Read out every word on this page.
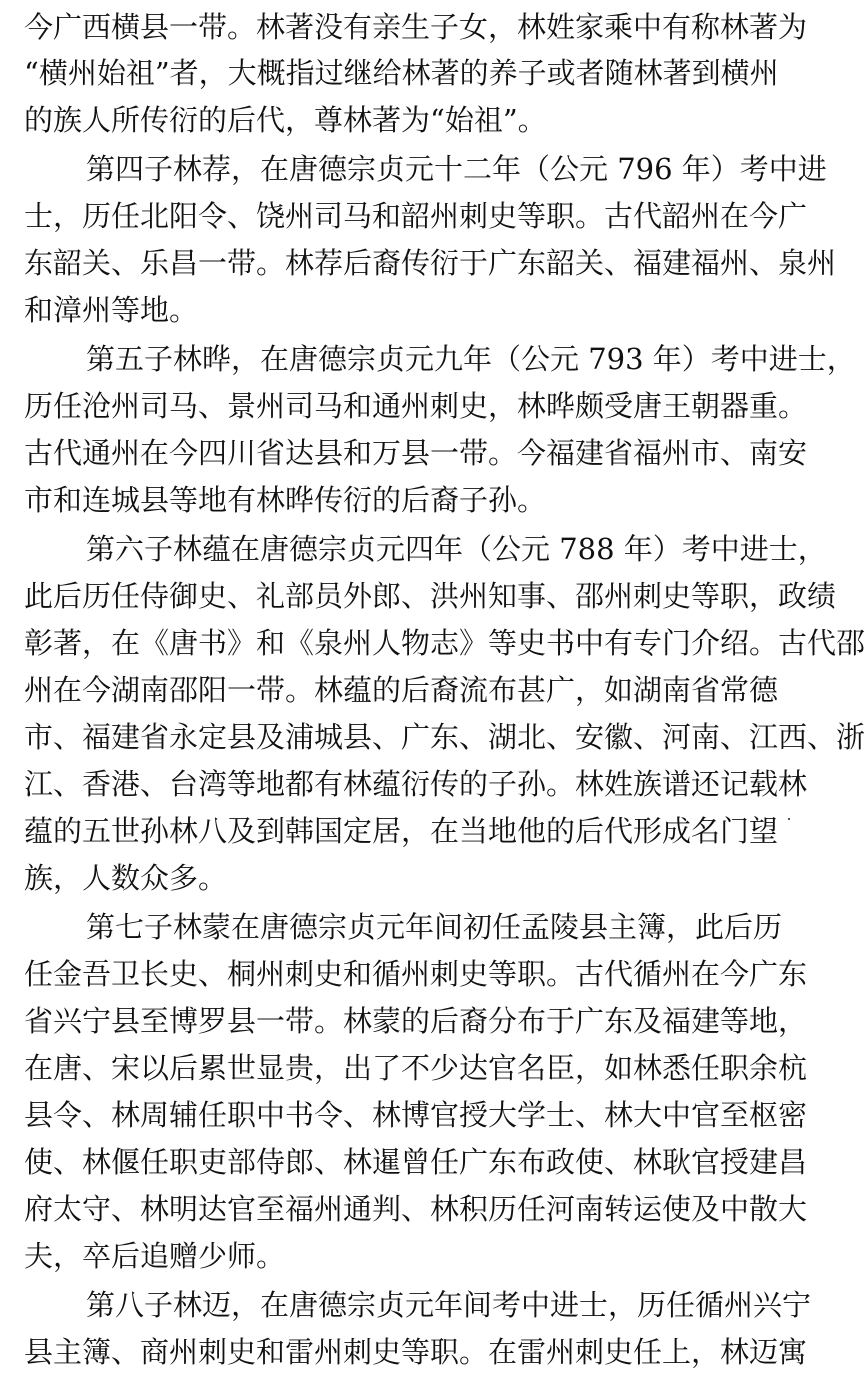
今广西横县一带。林著没有亲生子女，林姓家乘中有称林著为
“横州始祖”者，大概指过继给林著的养子或者随林著到横州
的族人所传衍的后代，尊林著为“始祖”。
第四子林荐，在唐德宗贞元十二年（公元 796 年）考中进
士，历任北阳令、饶州司马和韶州刺史等职。古代韶州在今广
东韶关、乐昌一带。林荐后裔传衍于广东韶关、福建福州、泉州
和漳州等地。
第五子林晔，在唐德宗贞元九年（公元 793 年）考中进士，
历任沧州司马、景州司马和通州刺史，林晔颇受唐王朝器重。
古代通州在今四川省达县和万县一带。今福建省福州市、南安
市和连城县等地有林晔传衍的后裔子孙。
第六子林蕴在唐德宗贞元四年（公元 788 年）考中进士，
此后历任侍御史、礼部员外郎、洪州知事、邵州刺史等职，政绩
彰著，在《唐书》和《泉州人物志》等史书中有专门介绍。古代邵
州在今湖南邵阳一带。林蕴的后裔流布甚广，如湖南省常德
市、福建省永定县及浦城县、广东、湖北、安徽、河南、江西、浙
江、香港、台湾等地都有林蕴衍传的子孙。林姓族谱还记载林
蕴的五世孙林八及到韩国定居，在当地他的后代形成名门望
族，人数众多。
第七子林蒙在唐德宗贞元年间初任孟陵县主簿，此后历
任金吾卫长史、桐州刺史和循州刺史等职。古代循州在今广东
省兴宁县至博罗县一带。林蒙的后裔分布于广东及福建等地，
在唐、宋以后累世显贵，出了不少达官名臣，如林悉任职余杭
县令、林周辅任职中书令、林博官授大学士、林大中官至枢密
使、林偃任职吏部侍郎、林暹曾任广东布政使、林耿官授建昌
府太守、林明达官至福州通判、林积历任河南转运使及中散大
夫，卒后追赠少师。
第八子林迈，在唐德宗贞元年间考中进士，历任循州兴宁
县主簿、商州刺史和雷州刺史等职。在雷州刺史任上，林迈寓
